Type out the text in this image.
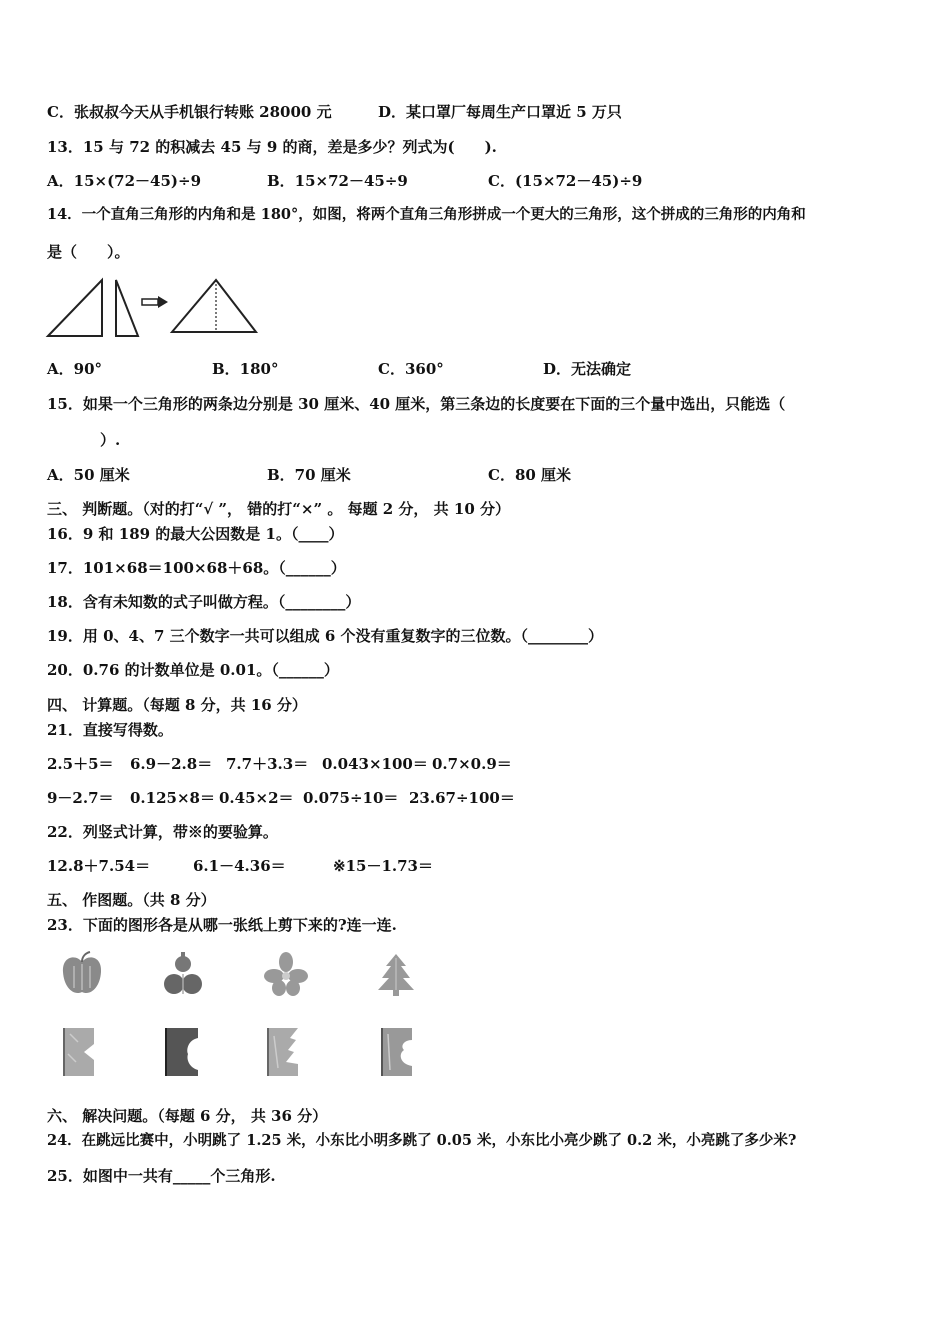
C．张叔叔今天从手机银行转账 28000 元	D．某口罩厂每周生产口罩近 5 万只
13．15 与 72 的积减去 45 与 9 的商，差是多少？列式为(　　).
A．15×(72－45)÷9	B．15×72－45÷9	C．(15×72－45)÷9
14．一个直角三角形的内角和是 180°，如图，将两个直角三角形拼成一个更大的三角形，这个拼成的三角形的内角和
是（　　）。
A．90°	B．180°	C．360°	D．无法确定
15．如果一个三角形的两条边分别是 30 厘米、40 厘米，第三条边的长度要在下面的三个量中选出，只能选（
）.
A．50 厘米	B．70 厘米	C．80 厘米
三、 判断题。（对的打“√ ”， 错的打“×” 。 每题 2 分， 共 10 分）
16．9 和 189 的最大公因数是 1。（____）
17．101×68＝100×68＋68。（______）
18．含有未知数的式子叫做方程。（________）
19．用 0、4、7 三个数字一共可以组成 6 个没有重复数字的三位数。（________）
20．0.76 的计数单位是 0.01。（______）
四、 计算题。（每题 8 分，共 16 分）
21．直接写得数。
2.5＋5＝ 6.9－2.8＝ 7.7＋3.3＝ 0.043×100＝ 0.7×0.9＝
9－2.7＝ 0.125×8＝ 0.45×2＝ 0.075÷10＝ 23.67÷100＝
22．列竖式计算，带※的要验算。
12.8＋7.54＝	6.1－4.36＝	※15－1.73＝
五、 作图题。（共 8 分）
23．下面的图形各是从哪一张纸上剪下来的?连一连.
六、 解决问题。（每题 6 分， 共 36 分）
24．在跳远比赛中，小明跳了 1.25 米，小东比小明多跳了 0.05 米，小东比小亮少跳了 0.2 米，小亮跳了多少米?
25．如图中一共有_____个三角形.
